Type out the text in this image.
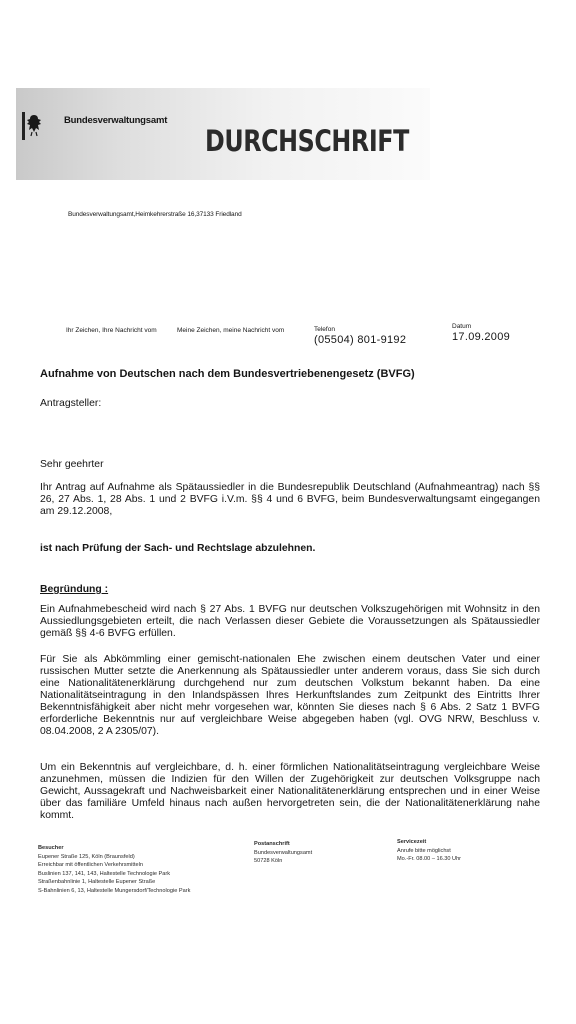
Bundesverwaltungsamt
DURCHSCHRIFT
Bundesverwaltungsamt,Heimkehrerstraße 16,37133 Friedland
Ihr Zeichen, Ihre Nachricht vom	Meine Zeichen, meine Nachricht vom	Telefon
(05504) 801-9192
Datum
17.09.2009
Aufnahme von Deutschen nach dem Bundesvertriebenengesetz (BVFG)
Antragsteller:
Sehr geehrter
Ihr Antrag auf Aufnahme als Spätaussiedler in die Bundesrepublik Deutschland (Aufnahmeantrag) nach §§ 26, 27 Abs. 1, 28 Abs. 1 und 2 BVFG i.V.m. §§ 4 und 6 BVFG, beim Bundesverwaltungsamt eingegangen am 29.12.2008,
ist nach Prüfung der Sach- und Rechtslage abzulehnen.
Begründung :
Ein Aufnahmebescheid wird nach § 27 Abs. 1 BVFG nur deutschen Volkszugehörigen mit Wohnsitz in den Aussiedlungsgebieten erteilt, die nach Verlassen dieser Gebiete die Voraussetzungen als Spätaussiedler gemäß §§ 4-6 BVFG erfüllen.
Für Sie als Abkömmling einer gemischt-nationalen Ehe zwischen einem deutschen Vater und einer russischen Mutter setzte die Anerkennung als Spätaussiedler unter anderem voraus, dass Sie sich durch eine Nationalitätenerklärung durchgehend nur zum deutschen Volkstum bekannt haben. Da eine Nationalitätseintragung in den Inlandspässen Ihres Herkunftslandes zum Zeitpunkt des Eintritts Ihrer Bekenntnisfähigkeit aber nicht mehr vorgesehen war, könnten Sie dieses nach § 6 Abs. 2 Satz 1 BVFG erforderliche Bekenntnis nur auf vergleichbare Weise abgegeben haben (vgl. OVG NRW, Beschluss v. 08.04.2008, 2 A 2305/07).
Um ein Bekenntnis auf vergleichbare, d. h. einer förmlichen Nationalitätseintragung vergleichbare Weise anzunehmen, müssen die Indizien für den Willen der Zugehörigkeit zur deutschen Volksgruppe nach Gewicht, Aussagekraft und Nachweisbarkeit einer Nationalitätenerklärung entsprechen und in einer Weise über das familiäre Umfeld hinaus nach außen hervorgetreten sein, die der Nationalitätenerklärung nahe kommt.
Besucher
Eupener Straße 125, Köln (Braunsfeld)
Erreichbar mit öffentlichen Verkehrsmitteln
Buslinien 137, 141, 143, Haltestelle Technologie Park
Straßenbahnlinie 1, Haltestelle Eupener Straße
S-Bahnlinien 6, 13, Haltestelle Mungersdorf/Technologie Park
Postanschrift
Bundesverwaltungsamt
50728 Köln
Servicezeit
Anrufe bitte möglichst
Mo.-Fr. 08.00 – 16.30 Uhr
